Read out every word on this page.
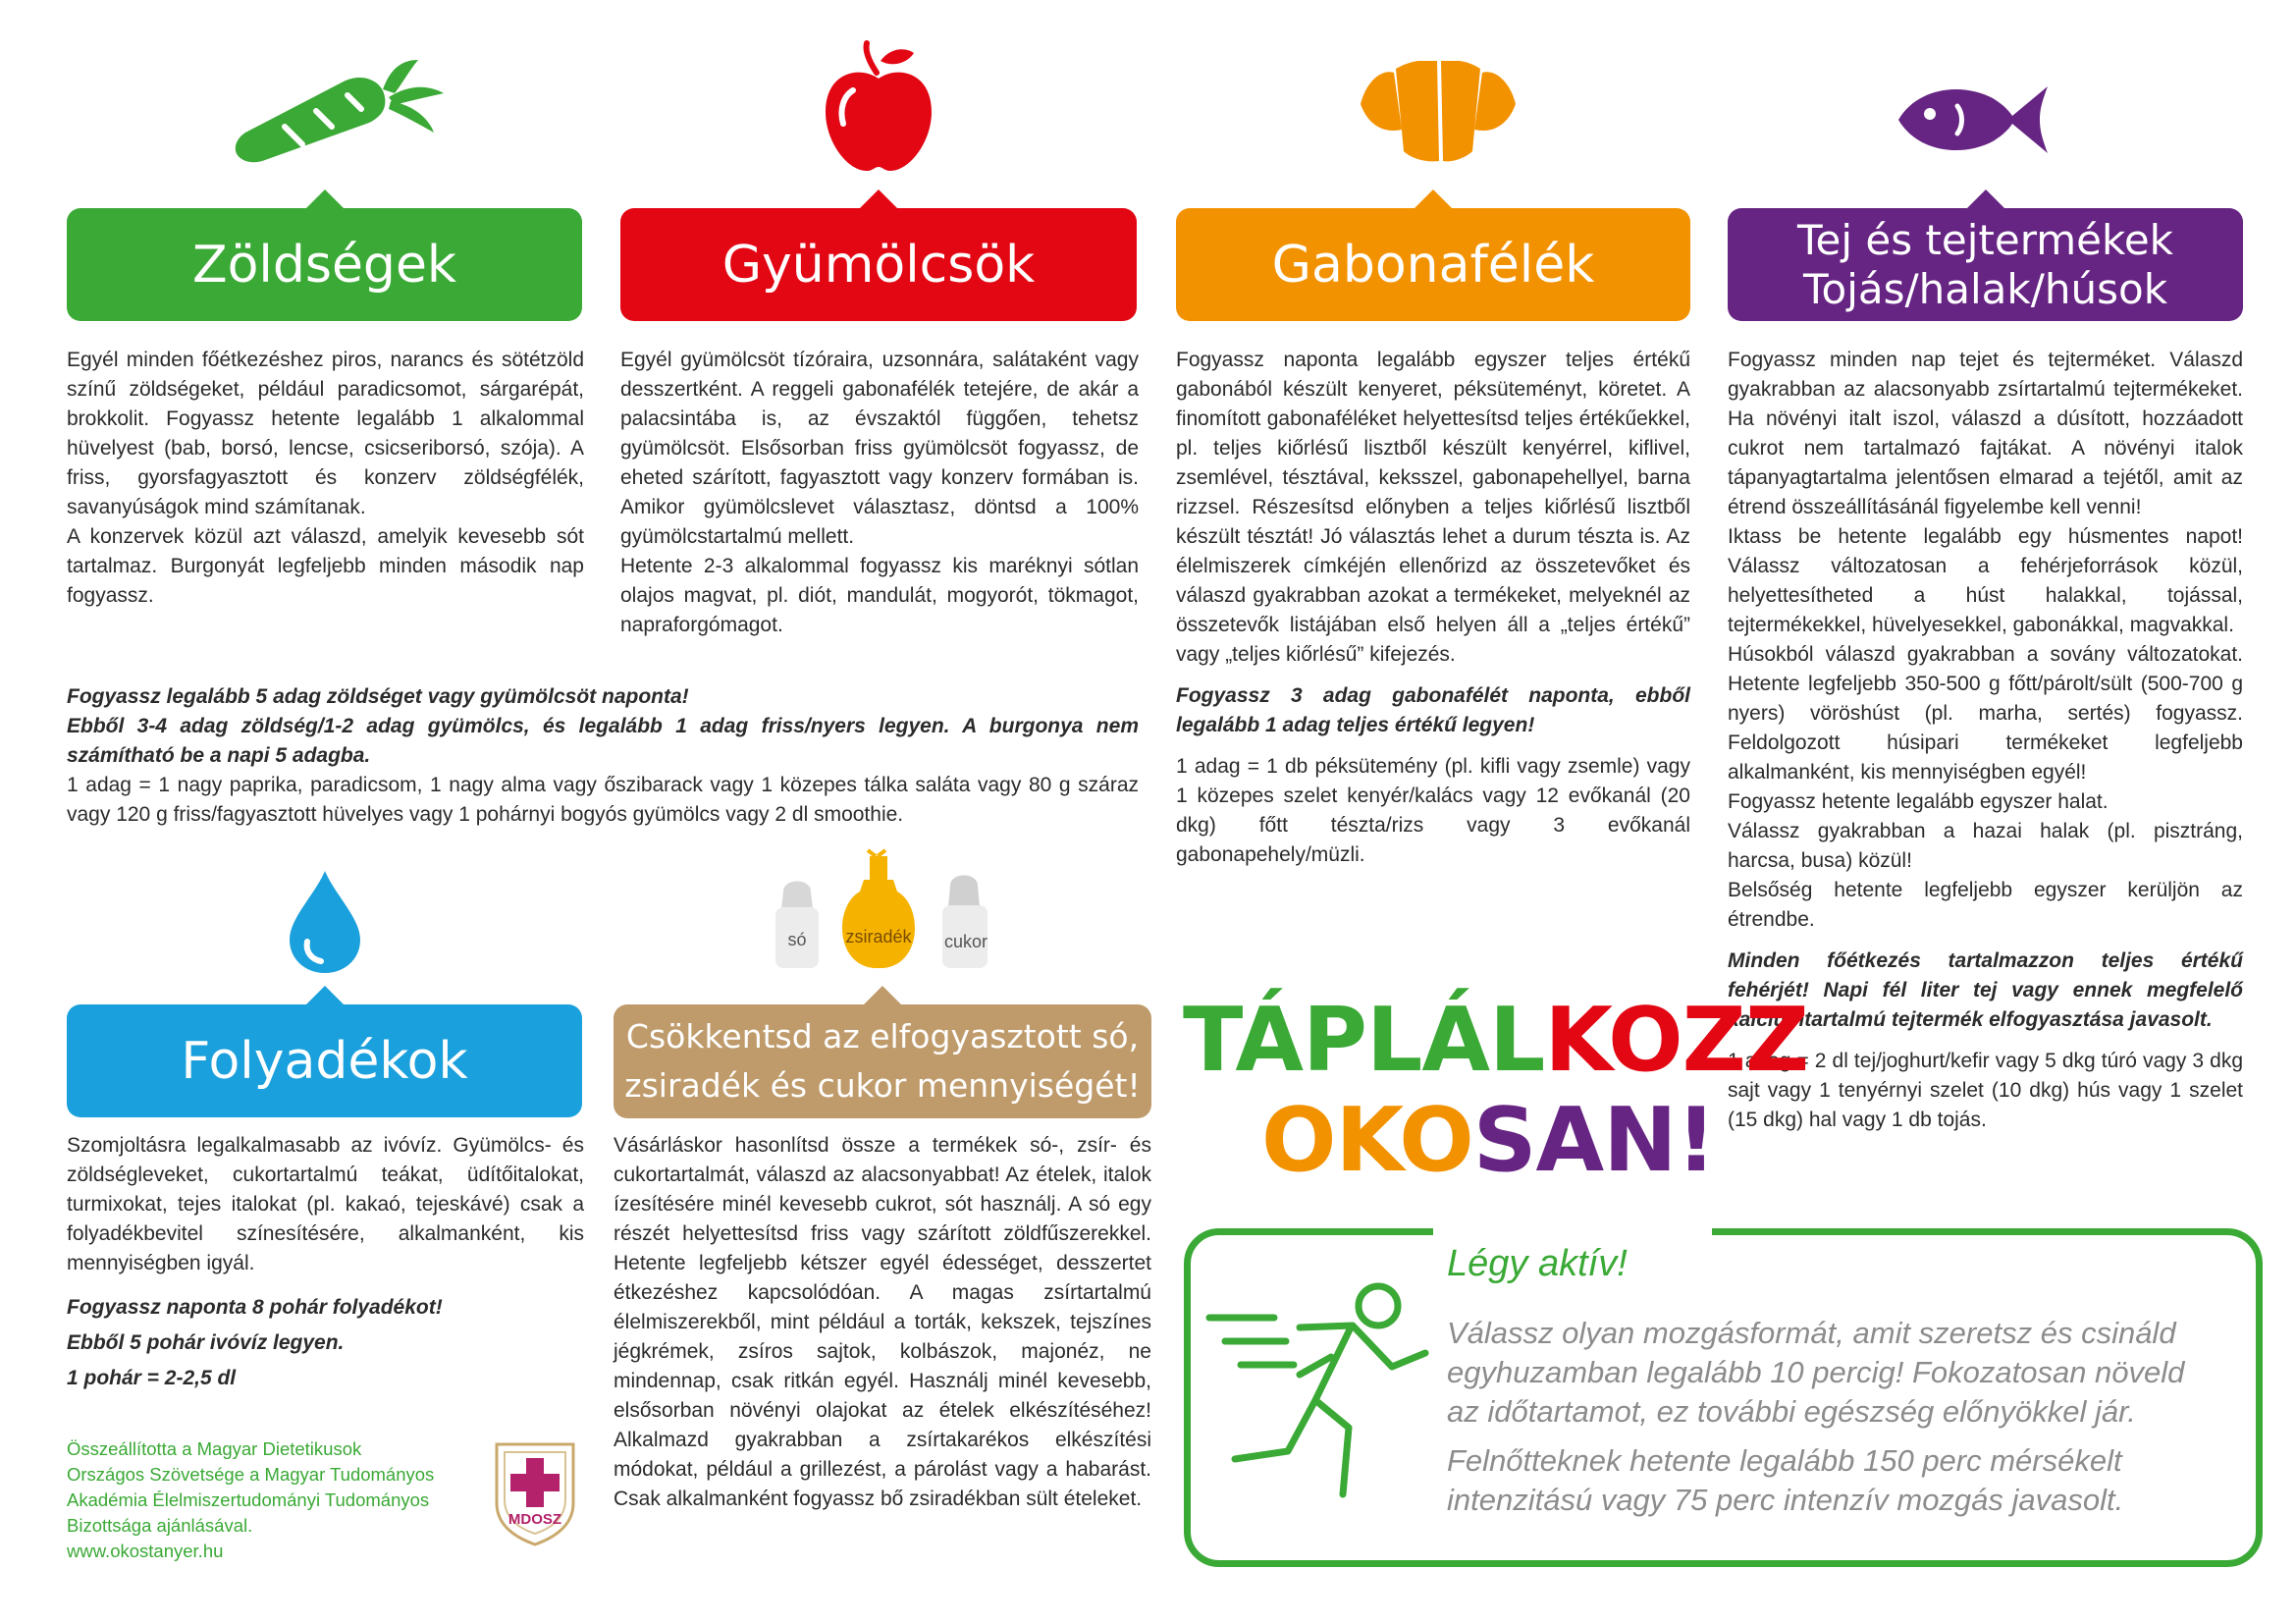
só	zsiradék	cukor
Zöldségek	Gyümölcsök	Gabonafélék	Tej és tejtermékek
Tojás/halak/húsok
Folyadékok	Csökkentsd az elfogyasztott só,
zsiradék és cukor mennyiségét!

Egyél minden főétkezéshez piros, narancs és sötétzöld színű zöldségeket, például paradicsomot, sárgarépát, brokkolit. Fogyassz hetente legalább 1 alkalommal hüvelyest (bab, borsó, lencse, csicseriborsó, szója). A friss, gyorsfagyasztott és konzerv zöldségfélék, savanyúságok mind számítanak.

A konzervek közül azt válaszd, amelyik kevesebb sót tartalmaz. Burgonyát legfeljebb minden második nap fogyassz.

Egyél gyümölcsöt tízóraira, uzsonnára, salátaként vagy desszertként. A reggeli gabonafélék tetejére, de akár a palacsintába is, az évszaktól függően, tehetsz gyümölcsöt. Elsősorban friss gyümölcsöt fogyassz, de eheted szárított, fagyasztott vagy konzerv formában is. Amikor gyümölcslevet választasz, döntsd a 100% gyümölcstartalmú mellett.

Hetente 2-3 alkalommal fogyassz kis maréknyi sótlan olajos magvat, pl. diót, mandulát, mogyorót, tökmagot, napraforgómagot.

Fogyassz legalább 5 adag zöldséget vagy gyümölcsöt naponta!

Ebből 3-4 adag zöldség/1-2 adag gyümölcs, és legalább 1 adag friss/nyers legyen. A burgonya nem számítható be a napi 5 adagba.

1 adag = 1 nagy paprika, paradicsom, 1 nagy alma vagy őszibarack vagy 1 közepes tálka saláta vagy 80 g száraz vagy 120 g friss/fagyasztott hüvelyes vagy 1 pohárnyi bogyós gyümölcs vagy 2 dl smoothie.

Fogyassz naponta legalább egyszer teljes értékű gabonából készült kenyeret, péksüteményt, köretet. A finomított gabonaféléket helyettesítsd teljes értékűekkel, pl. teljes kiőrlésű lisztből készült kenyérrel, kiflivel, zsemlével, tésztával, keksszel, gabonapehellyel, barna rizzsel. Részesítsd előnyben a teljes kiőrlésű lisztből készült tésztát! Jó választás lehet a durum tészta is. Az élelmiszerek címkéjén ellenőrizd az összetevőket és válaszd gyakrabban azokat a termékeket, melyeknél az összetevők listájában első helyen áll a „teljes értékű” vagy „teljes kiőrlésű” kifejezés.

Fogyassz 3 adag gabonafélét naponta, ebből legalább 1 adag teljes értékű legyen!

1 adag = 1 db péksütemény (pl. kifli vagy zsemle) vagy 1 közepes szelet kenyér/kalács vagy 12 evőkanál (20 dkg) főtt tészta/rizs vagy 3 evőkanál gabonapehely/müzli.

Fogyassz minden nap tejet és tejterméket. Válaszd gyakrabban az alacsonyabb zsírtartalmú tejtermékeket. Ha növényi italt iszol, válaszd a dúsított, hozzáadott cukrot nem tartalmazó fajtákat. A növényi italok tápanyagtartalma jelentősen elmarad a tejétől, amit az étrend összeállításánál figyelembe kell venni!

Iktass be hetente legalább egy húsmentes napot! Válassz változatosan a fehérjeforrások közül, helyettesítheted a húst halakkal, tojással, tejtermékekkel, hüvelyesekkel, gabonákkal, magvakkal.

Húsokból válaszd gyakrabban a sovány változatokat. Hetente legfeljebb 350-500 g főtt/párolt/sült (500-700 g nyers) vöröshúst (pl. marha, sertés) fogyassz. Feldolgozott húsipari termékeket legfeljebb alkalmanként, kis mennyiségben egyél!

Fogyassz hetente legalább egyszer halat.

Válassz gyakrabban a hazai halak (pl. pisztráng, harcsa, busa) közül!

Belsőség hetente legfeljebb egyszer kerüljön az étrendbe.

Minden főétkezés tartalmazzon teljes értékű fehérjét! Napi fél liter tej vagy ennek megfelelő kalciumtartalmú tejtermék elfogyasztása javasolt.

1 adag = 2 dl tej/joghurt/kefir vagy 5 dkg túró vagy 3 dkg sajt vagy 1 tenyérnyi szelet (10 dkg) hús vagy 1 szelet (15 dkg) hal vagy 1 db tojás.

Szomjoltásra legalkalmasabb az ivóvíz. Gyümölcs- és zöldségleveket, cukortartalmú teákat, üdítőitalokat, turmixokat, tejes italokat (pl. kakaó, tejeskávé) csak a folyadékbevitel színesítésére, alkalmanként, kis mennyiségben igyál.

Fogyassz naponta 8 pohár folyadékot!

Ebből 5 pohár ivóvíz legyen.

1 pohár = 2-2,5 dl

Vásárláskor hasonlítsd össze a termékek só-, zsír- és cukortartalmát, válaszd az alacsonyabbat! Az ételek, italok ízesítésére minél kevesebb cukrot, sót használj. A só egy részét helyettesítsd friss vagy szárított zöldfűszerekkel. Hetente legfeljebb kétszer egyél édességet, desszertet étkezéshez kapcsolódóan. A magas zsírtartalmú élelmiszerekből, mint például a torták, kekszek, tejszínes jégkrémek, zsíros sajtok, kolbászok, majonéz, ne mindennap, csak ritkán egyél. Használj minél kevesebb, elsősorban növényi olajokat az ételek elkészítéséhez! Alkalmazd gyakrabban a zsírtakarékos elkészítési módokat, például a grillezést, a párolást vagy a habarást. Csak alkalmanként fogyassz bő zsiradékban sült ételeket.

Összeállította a Magyar Dietetikusok
Országos Szövetsége a Magyar Tudományos
Akadémia Élelmiszertudományi Tudományos
Bizottsága ajánlásával.
www.okostanyer.hu
MDOSZ
TÁPLÁLKOZZ
OKOSAN!
Légy aktív!

Válassz olyan mozgásformát, amit szeretsz és csináld egyhuzamban legalább 10 percig! Fokozatosan növeld az időtartamot, ez további egészség előnyökkel jár.

Felnőtteknek hetente legalább 150 perc mérsékelt intenzitású vagy 75 perc intenzív mozgás javasolt.
